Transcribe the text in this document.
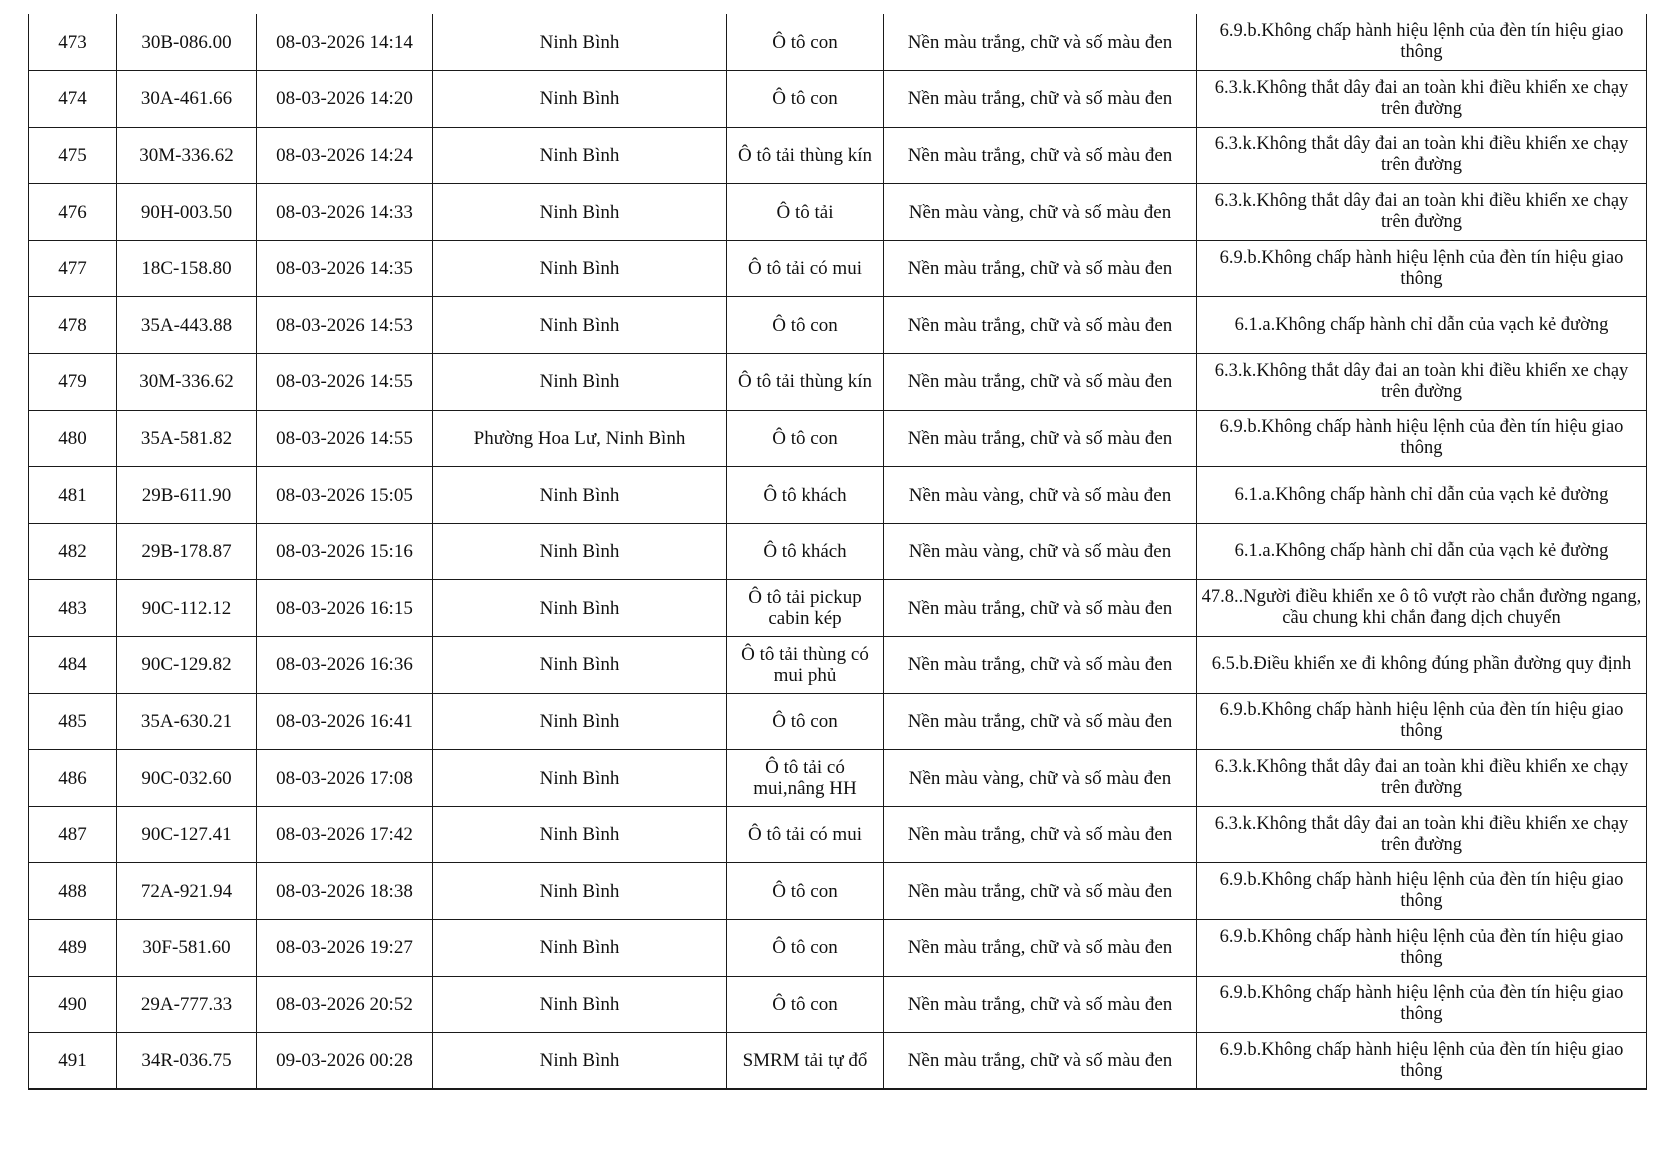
473	30B-086.00	08-03-2026 14:14	Ninh Bình	Ô tô con	Nền màu trắng, chữ và số màu đen	6.9.b.Không chấp hành hiệu lệnh của đèn tín hiệu giao thông
474	30A-461.66	08-03-2026 14:20	Ninh Bình	Ô tô con	Nền màu trắng, chữ và số màu đen	6.3.k.Không thắt dây đai an toàn khi điều khiển xe chạy trên đường
475	30M-336.62	08-03-2026 14:24	Ninh Bình	Ô tô tải thùng kín	Nền màu trắng, chữ và số màu đen	6.3.k.Không thắt dây đai an toàn khi điều khiển xe chạy trên đường
476	90H-003.50	08-03-2026 14:33	Ninh Bình	Ô tô tải	Nền màu vàng, chữ và số màu đen	6.3.k.Không thắt dây đai an toàn khi điều khiển xe chạy trên đường
477	18C-158.80	08-03-2026 14:35	Ninh Bình	Ô tô tải có mui	Nền màu trắng, chữ và số màu đen	6.9.b.Không chấp hành hiệu lệnh của đèn tín hiệu giao thông
478	35A-443.88	08-03-2026 14:53	Ninh Bình	Ô tô con	Nền màu trắng, chữ và số màu đen	6.1.a.Không chấp hành chỉ dẫn của vạch kẻ đường
479	30M-336.62	08-03-2026 14:55	Ninh Bình	Ô tô tải thùng kín	Nền màu trắng, chữ và số màu đen	6.3.k.Không thắt dây đai an toàn khi điều khiển xe chạy trên đường
480	35A-581.82	08-03-2026 14:55	Phường Hoa Lư, Ninh Bình	Ô tô con	Nền màu trắng, chữ và số màu đen	6.9.b.Không chấp hành hiệu lệnh của đèn tín hiệu giao thông
481	29B-611.90	08-03-2026 15:05	Ninh Bình	Ô tô khách	Nền màu vàng, chữ và số màu đen	6.1.a.Không chấp hành chỉ dẫn của vạch kẻ đường
482	29B-178.87	08-03-2026 15:16	Ninh Bình	Ô tô khách	Nền màu vàng, chữ và số màu đen	6.1.a.Không chấp hành chỉ dẫn của vạch kẻ đường
483	90C-112.12	08-03-2026 16:15	Ninh Bình	Ô tô tải pickup cabin kép	Nền màu trắng, chữ và số màu đen	47.8..Người điều khiển xe ô tô vượt rào chắn đường ngang, cầu chung khi chắn đang dịch chuyển
484	90C-129.82	08-03-2026 16:36	Ninh Bình	Ô tô tải thùng có mui phủ	Nền màu trắng, chữ và số màu đen	6.5.b.Điều khiển xe đi không đúng phần đường quy định
485	35A-630.21	08-03-2026 16:41	Ninh Bình	Ô tô con	Nền màu trắng, chữ và số màu đen	6.9.b.Không chấp hành hiệu lệnh của đèn tín hiệu giao thông
486	90C-032.60	08-03-2026 17:08	Ninh Bình	Ô tô tải có mui,nâng HH	Nền màu vàng, chữ và số màu đen	6.3.k.Không thắt dây đai an toàn khi điều khiển xe chạy trên đường
487	90C-127.41	08-03-2026 17:42	Ninh Bình	Ô tô tải có mui	Nền màu trắng, chữ và số màu đen	6.3.k.Không thắt dây đai an toàn khi điều khiển xe chạy trên đường
488	72A-921.94	08-03-2026 18:38	Ninh Bình	Ô tô con	Nền màu trắng, chữ và số màu đen	6.9.b.Không chấp hành hiệu lệnh của đèn tín hiệu giao thông
489	30F-581.60	08-03-2026 19:27	Ninh Bình	Ô tô con	Nền màu trắng, chữ và số màu đen	6.9.b.Không chấp hành hiệu lệnh của đèn tín hiệu giao thông
490	29A-777.33	08-03-2026 20:52	Ninh Bình	Ô tô con	Nền màu trắng, chữ và số màu đen	6.9.b.Không chấp hành hiệu lệnh của đèn tín hiệu giao thông
491	34R-036.75	09-03-2026 00:28	Ninh Bình	SMRM tải tự đổ	Nền màu trắng, chữ và số màu đen	6.9.b.Không chấp hành hiệu lệnh của đèn tín hiệu giao thông
